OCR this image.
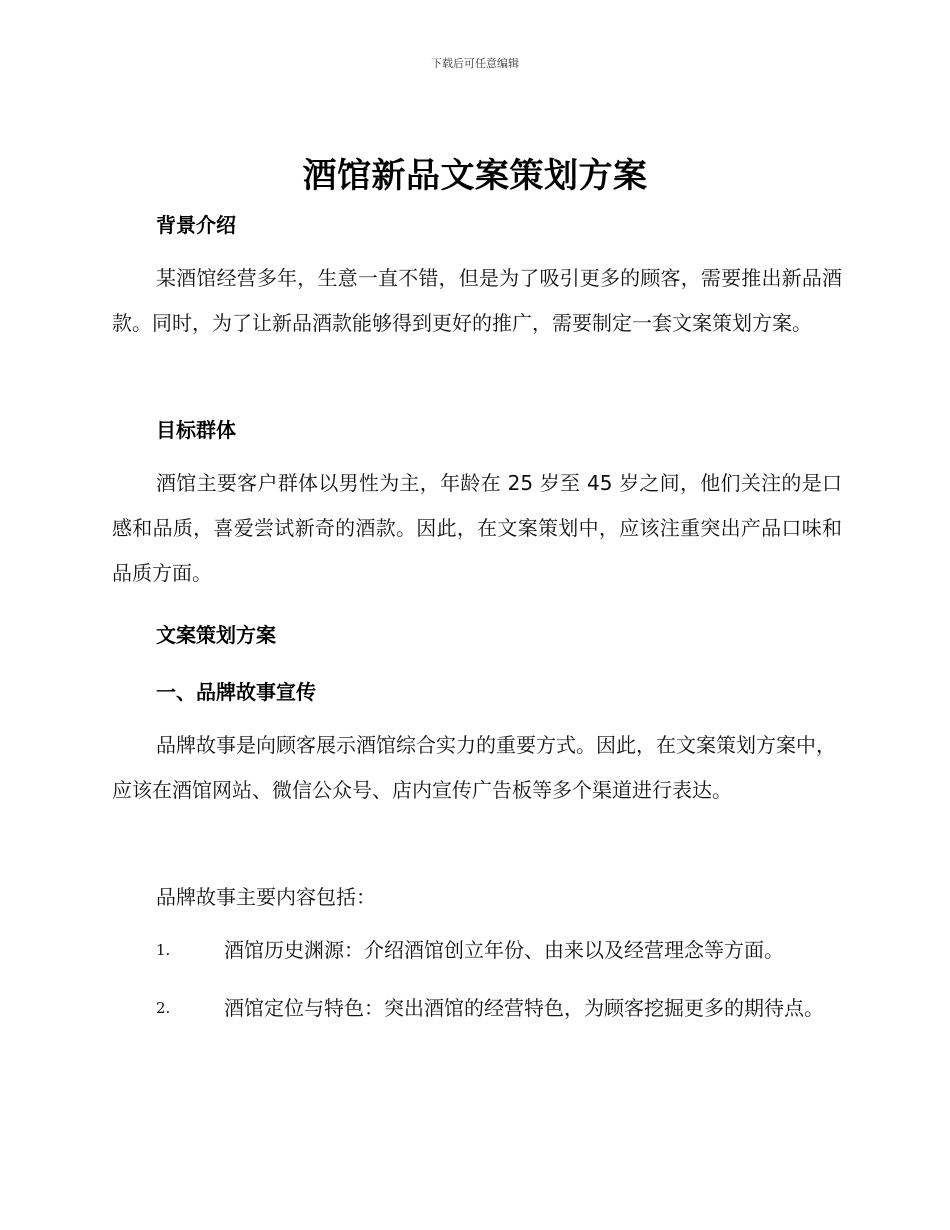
下载后可任意编辑
酒馆新品文案策划方案
背景介绍
某酒馆经营多年，生意一直不错，但是为了吸引更多的顾客，需要推出新品酒款。同时，为了让新品酒款能够得到更好的推广，需要制定一套文案策划方案。
目标群体
酒馆主要客户群体以男性为主，年龄在 25 岁至 45 岁之间，他们关注的是口感和品质，喜爱尝试新奇的酒款。因此，在文案策划中，应该注重突出产品口味和品质方面。
文案策划方案
一、品牌故事宣传
品牌故事是向顾客展示酒馆综合实力的重要方式。因此，在文案策划方案中，应该在酒馆网站、微信公众号、店内宣传广告板等多个渠道进行表达。
品牌故事主要内容包括：
1.	酒馆历史渊源：介绍酒馆创立年份、由来以及经营理念等方面。
2.	酒馆定位与特色：突出酒馆的经营特色，为顾客挖掘更多的期待点。
